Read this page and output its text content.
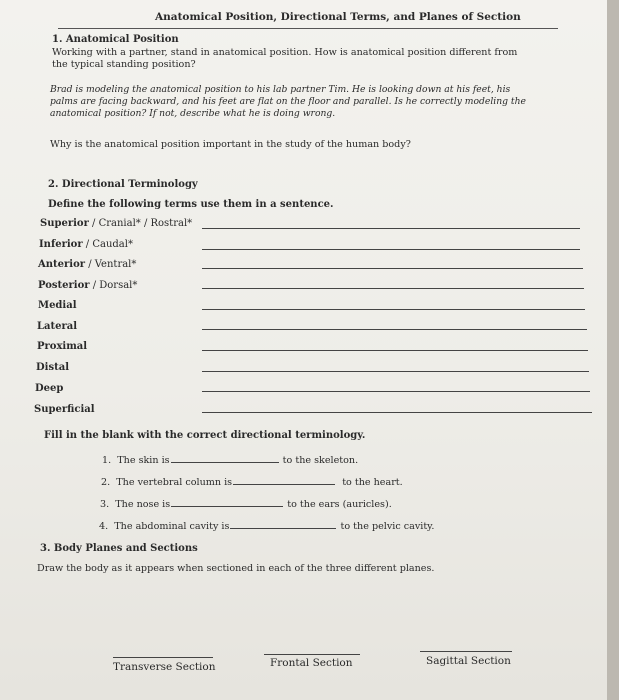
Anatomical Position, Directional Terms, and Planes of Section
1. Anatomical Position
Working with a partner, stand in anatomical position. How is anatomical position different from
the typical standing position?
Brad is modeling the anatomical position to his lab partner Tim. He is looking down at his feet, his
palms are facing backward, and his feet are flat on the floor and parallel. Is he correctly modeling the
anatomical position? If not, describe what he is doing wrong.
Why is the anatomical position important in the study of the human body?
2. Directional Terminology
Define the following terms use them in a sentence.
Superior / Cranial* / Rostral*
Inferior / Caudal*
Anterior / Ventral*
Posterior / Dorsal*
Medial
Lateral
Proximal
Distal
Deep
Superficial
Fill in the blank with the correct directional terminology.
1. The skin is	to the skeleton.
2. The vertebral column is	to the heart.
3. The nose is	to the ears (auricles).
4. The abdominal cavity is	to the pelvic cavity.
3. Body Planes and Sections
Draw the body as it appears when sectioned in each of the three different planes.
Transverse Section	Frontal Section	Sagittal Section
